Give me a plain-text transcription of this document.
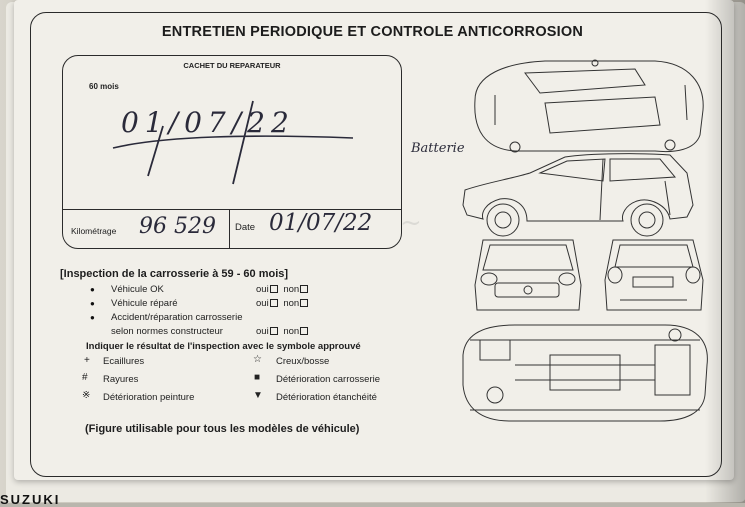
ENTRETIEN PERIODIQUE ET CONTROLE ANTICORROSION
CACHET DU REPARATEUR
60 mois
01/07/22
Kilométrage 96 529 Date 01/07/22 ~
Batterie
[Inspection de la carrosserie à 59 - 60 mois]
● Véhicule OK	oui non
● Véhicule réparé	oui non
● Accident/réparation carrosserie
selon normes constructeur	oui non
Indiquer le résultat de l'inspection avec le symbole approuvé
+ Ecaillures	☆ Creux/bosse
# Rayures	■ Détérioration carrosserie
※ Détérioration peinture	▼ Détérioration étanchéité
(Figure utilisable pour tous les modèles de véhicule)
SUZUKI
